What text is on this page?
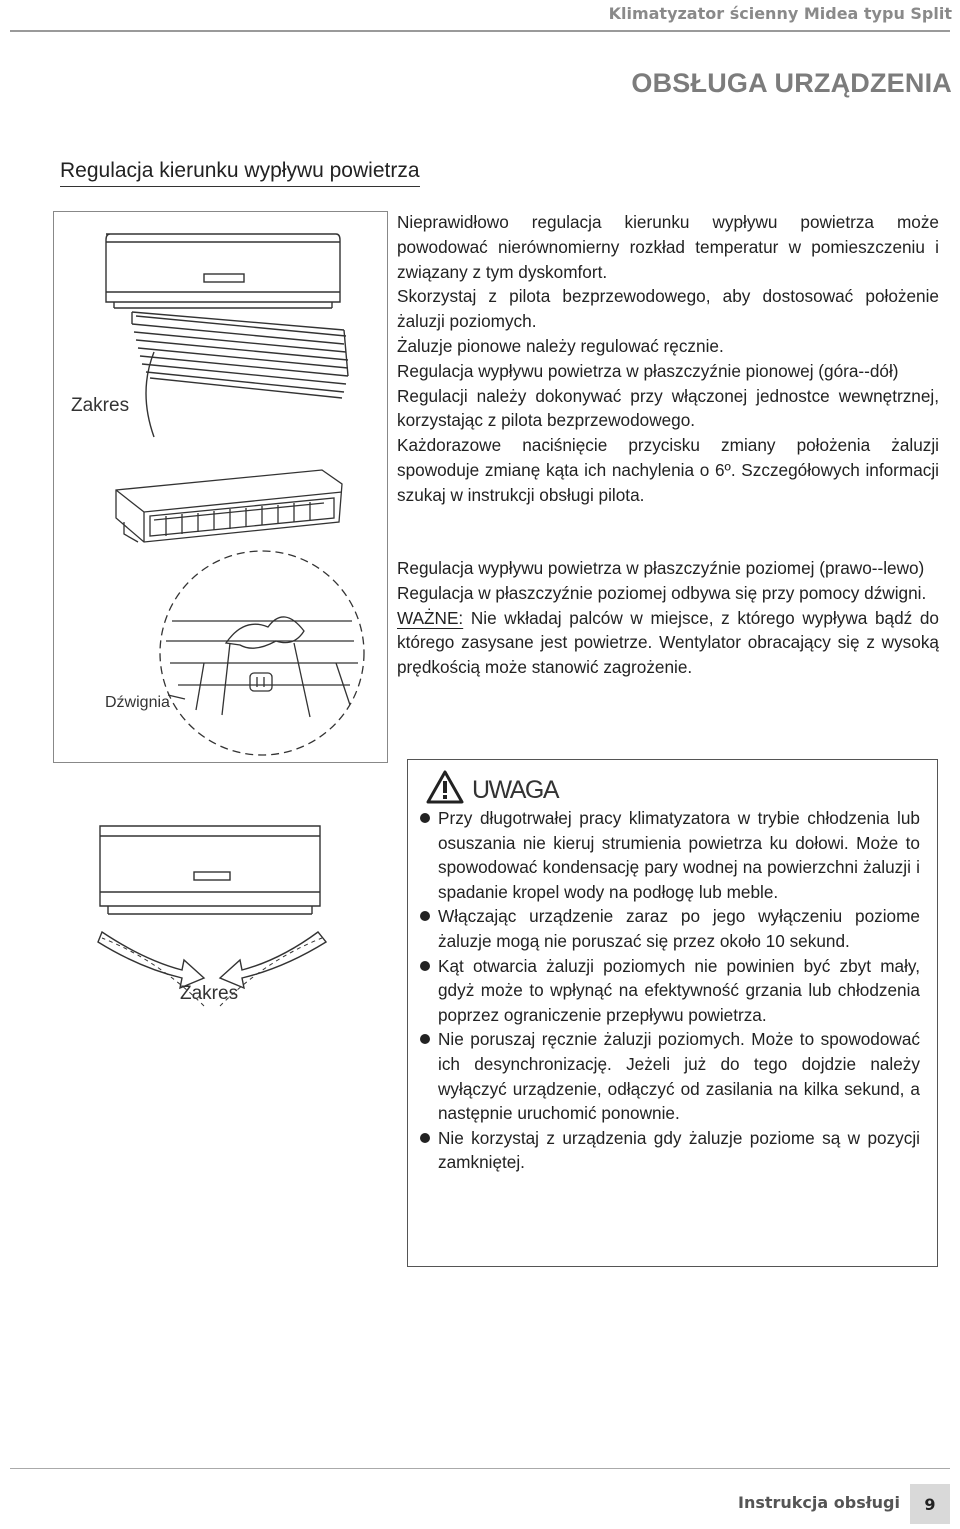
Klimatyzator ścienny Midea typu Split
OBSŁUGA URZĄDZENIA
Regulacja kierunku wypływu powietrza
Zakres
Dźwignia

Nieprawidłowo regulacja kierunku wypływu powietrza może powodować nierównomierny rozkład temperatur w pomieszczeniu i związany z tym dyskomfort.

Skorzystaj z pilota bezprzewodowego, aby dostosować położenie żaluzji poziomych.

Żaluzje pionowe należy regulować ręcznie.

Regulacja wypływu powietrza w płaszczyźnie pionowej (góra--dół)

Regulacji należy dokonywać przy włączonej jednostce wewnętrznej, korzystając z pilota bezprzewodowego.

Każdorazowe naciśnięcie przycisku zmiany położenia żaluzji spowoduje zmianę kąta ich nachylenia o 6º. Szczegółowych informacji szukaj w instrukcji obsługi pilota.

Regulacja wypływu powietrza w płaszczyźnie poziomej (prawo--lewo)

Regulacja w płaszczyźnie poziomej odbywa się przy pomocy dźwigni.

WAŻNE: Nie wkładaj palców w miejsce, z którego wypływa bądź do którego zasysane jest powietrze. Wentylator obracający się z wysoką prędkością może stanowić zagrożenie.

Zakres
UWAGA
Przy długotrwałej pracy klimatyzatora w trybie chłodzenia lub osuszania nie kieruj strumienia powietrza ku dołowi. Może to spowodować kondensację pary wodnej na powierzchni żaluzji i spadanie kropel wody na podłogę lub meble.
Włączając urządzenie zaraz po jego wyłączeniu poziome żaluzje mogą nie poruszać się przez około 10 sekund.
Kąt otwarcia żaluzji poziomych nie powinien być zbyt mały, gdyż może to wpłynąć na efektywność grzania lub chłodzenia poprzez ograniczenie przepływu powietrza.
Nie poruszaj ręcznie żaluzji poziomych. Może to spowodować ich desynchronizację. Jeżeli już do tego dojdzie należy wyłączyć urządzenie, odłączyć od zasilania na kilka sekund, a następnie uruchomić ponownie.
Nie korzystaj z urządzenia gdy żaluzje poziome są w pozycji zamkniętej.
Instrukcja obsługi	9
